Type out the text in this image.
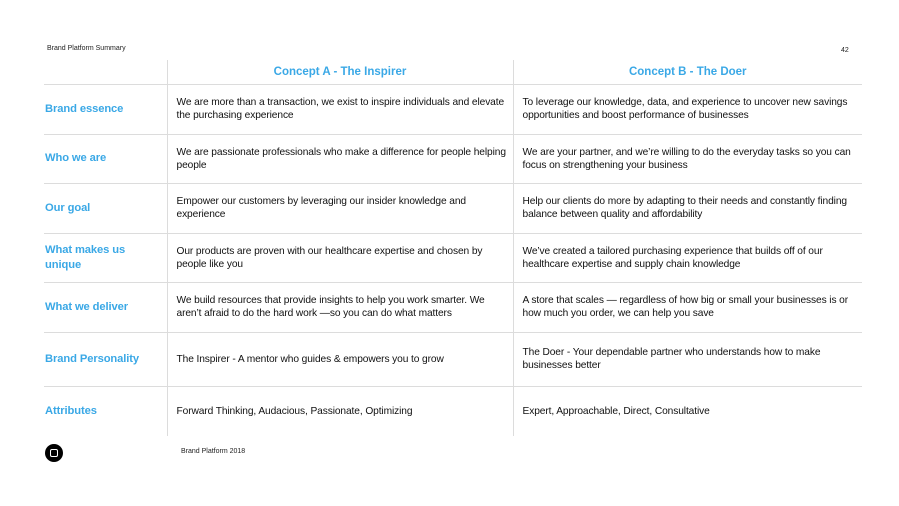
Brand Platform Summary	42
	Concept A - The Inspirer	Concept B - The Doer
Brand essence	We are more than a transaction, we exist to inspire individuals and elevate the purchasing experience	To leverage our knowledge, data, and experience to uncover new savings opportunities and boost performance of businesses
Who we are	We are passionate professionals who make a difference for people helping people	We are your partner, and we’re willing to do the everyday tasks so you can focus on strengthening your business
Our goal	Empower our customers by leveraging our insider knowledge and experience	Help our clients do more by adapting to their needs and constantly finding balance between quality and affordability
What makes us unique	Our products are proven with our healthcare expertise and chosen by people like you	We’ve created a tailored purchasing experience that builds off of our healthcare expertise and supply chain knowledge
What we deliver	We build resources that provide insights to help you work smarter. We aren’t afraid to do the hard work —so you can do what matters	A store that scales — regardless of how big or small your businesses is or how much you order, we can help you save
Brand Personality	The Inspirer - A mentor who guides & empowers you to grow	The Doer - Your dependable partner who understands how to make businesses better
Attributes	Forward Thinking, Audacious, Passionate, Optimizing	Expert, Approachable, Direct, Consultative
Brand Platform 2018
